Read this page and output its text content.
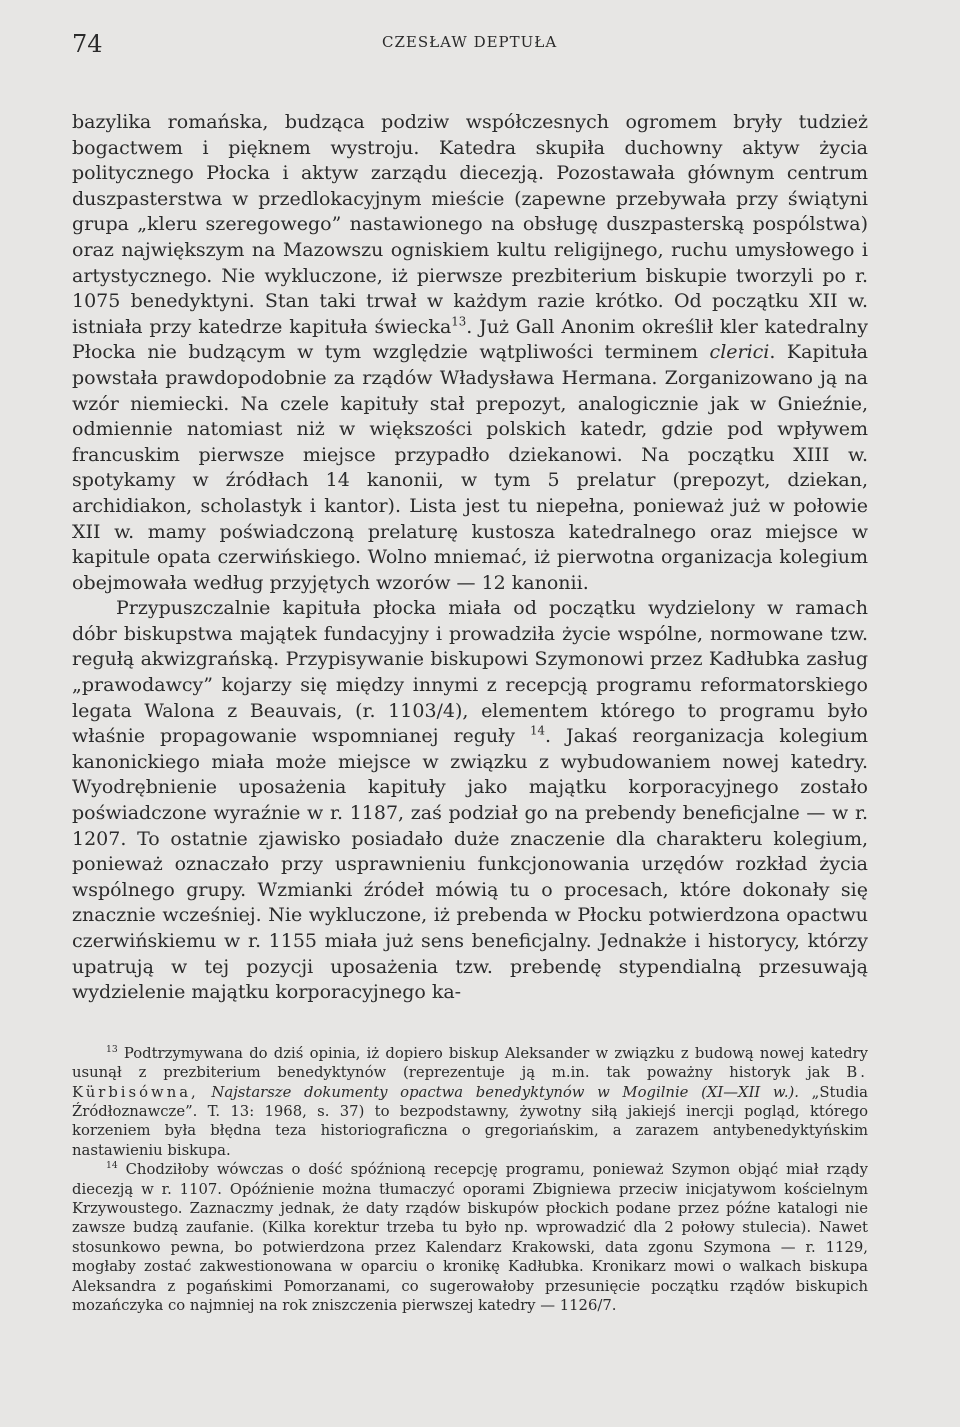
74	CZESŁAW DEPTUŁA

bazylika romańska, budząca podziw współczesnych ogromem bryły tudzież bogactwem i pięknem wystroju. Katedra skupiła duchowny aktyw życia politycznego Płocka i aktyw zarządu diecezją. Pozostawała głównym centrum duszpasterstwa w przedlokacyjnym mieście (zapewne przebywała przy świątyni grupa „kleru szeregowego” nastawionego na obsługę duszpasterską pospólstwa) oraz największym na Mazowszu ogniskiem kultu religijnego, ruchu umysłowego i artystycznego. Nie wykluczone, iż pierwsze prezbiterium biskupie tworzyli po r. 1075 benedyktyni. Stan taki trwał w każdym razie krótko. Od początku XII w. istniała przy katedrze kapituła świecka$^{13}$. Już Gall Anonim określił kler katedralny Płocka nie budzącym w tym względzie wątpliwości terminem clerici. Kapituła powstała prawdopodobnie za rządów Władysława Hermana. Zorganizowano ją na wzór niemiecki. Na czele kapituły stał prepozyt, analogicznie jak w Gnieźnie, odmiennie natomiast niż w większości polskich katedr, gdzie pod wpływem francuskim pierwsze miejsce przypadło dziekanowi. Na początku XIII w. spotykamy w źródłach 14 kanonii, w tym 5 prelatur (prepozyt, dziekan, archidiakon, scholastyk i kantor). Lista jest tu niepełna, ponieważ już w połowie XII w. mamy poświadczoną prelaturę kustosza katedralnego oraz miejsce w kapitule opata czerwińskiego. Wolno mniemać, iż pierwotna organizacja kolegium obejmowała według przyjętych wzorów — 12 kanonii.

Przypuszczalnie kapituła płocka miała od początku wydzielony w ramach dóbr biskupstwa majątek fundacyjny i prowadziła życie wspólne, normowane tzw. regułą akwizgrańską. Przypisywanie biskupowi Szymonowi przez Kadłubka zasług „prawodawcy” kojarzy się między innymi z recepcją programu reformatorskiego legata Walona z Beauvais, (r. 1103/4), elementem którego to programu było właśnie propagowanie wspomnianej reguły $^{14}$. Jakaś reorganizacja kolegium kanonickiego miała może miejsce w związku z wybudowaniem nowej katedry. Wyodrębnienie uposażenia kapituły jako majątku korporacyjnego zostało poświadczone wyraźnie w r. 1187, zaś podział go na prebendy beneficjalne — w r. 1207. To ostatnie zjawisko posiadało duże znaczenie dla charakteru kolegium, ponieważ oznaczało przy usprawnieniu funkcjonowania urzędów rozkład życia wspólnego grupy. Wzmianki źródeł mówią tu o procesach, które dokonały się znacznie wcześniej. Nie wykluczone, iż prebenda w Płocku potwierdzona opactwu czerwińskiemu w r. 1155 miała już sens beneficjalny. Jednakże i historycy, którzy upatrują w tej pozycji uposażenia tzw. prebendę stypendialną przesuwają wydzielenie majątku korporacyjnego ka-

$^{13}$ Podtrzymywana do dziś opinia, iż dopiero biskup Aleksander w związku z budową nowej katedry usunął z prezbiterium benedyktynów (reprezentuje ją m.in. tak poważny historyk jak B. Kürbisówna, Najstarsze dokumenty opactwa benedyktynów w Mogilnie (XI—XII w.). „Studia Źródłoznawcze”. T. 13: 1968, s. 37) to bezpodstawny, żywotny siłą jakiejś inercji pogląd, którego korzeniem była błędna teza historiograficzna o gregoriańskim, a zarazem antybenedyktyńskim nastawieniu biskupa.

$^{14}$ Chodziłoby wówczas o dość spóźnioną recepcję programu, ponieważ Szymon objąć miał rządy diecezją w r. 1107. Opóźnienie można tłumaczyć oporami Zbigniewa przeciw inicjatywom kościelnym Krzywoustego. Zaznaczmy jednak, że daty rządów biskupów płockich podane przez późne katalogi nie zawsze budzą zaufanie. (Kilka korektur trzeba tu było np. wprowadzić dla 2 połowy stulecia). Nawet stosunkowo pewna, bo potwierdzona przez Kalendarz Krakowski, data zgonu Szymona — r. 1129, mogłaby zostać zakwestionowana w oparciu o kronikę Kadłubka. Kronikarz mowi o walkach biskupa Aleksandra z pogańskimi Pomorzanami, co sugerowałoby przesunięcie początku rządów biskupich mozańczyka co najmniej na rok zniszczenia pierwszej katedry — 1126/7.
